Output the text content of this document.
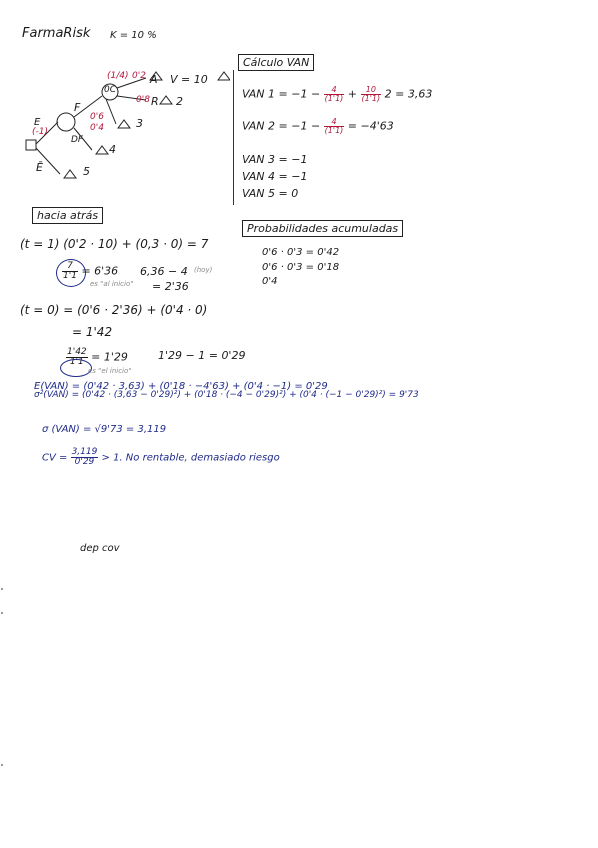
FarmaRisk K = 10 %
(1/4) 0'2 A V = 10
0C
0'8 R 2
F
0'6
0'4	3
E
(-1)
DF
4
Ē	5
Cálculo VAN
VAN $1 = -1 - \frac{4}{(1'1)} + \frac{10}{(1'1)} 2 = 3,63$
VAN $2 = -1 - \frac{4}{(1'1)} = -4'63$
VAN 3 = −1
VAN 4 = −1
VAN 5 = 0
Probabilidades acumuladas
0'6 · 0'3 = 0'42
0'6 · 0'3 = 0'18
0'4
hacia atrás
(t = 1) (0'2 · 10) + (0,3 · 0) = 7
$\frac{7}{1'1} = 6'36$ 6,36 − 4 (hoy)
es "al inicio" = 2'36
(t = 0) = (0'6 · 2'36) + (0'4 · 0)
= 1'42
$\frac{1'42}{1'1} = 1'29$	1'29 − 1 = 0'29
es "el inicio"
E(VAN) = (0'42 · 3,63) + (0'18 · −4'63) + (0'4 · −1) = 0'29
σ²(VAN) = (0'42 · (3,63 − 0'29)²) + (0'18 · (−4 − 0'29)²) + (0'4 · (−1 − 0'29)²) = 9'73
σ (VAN) = √9'73 = 3,119
CV = $\frac{3,119}{0'29} > 1$. No rentable, demasiado riesgo
dep cov
